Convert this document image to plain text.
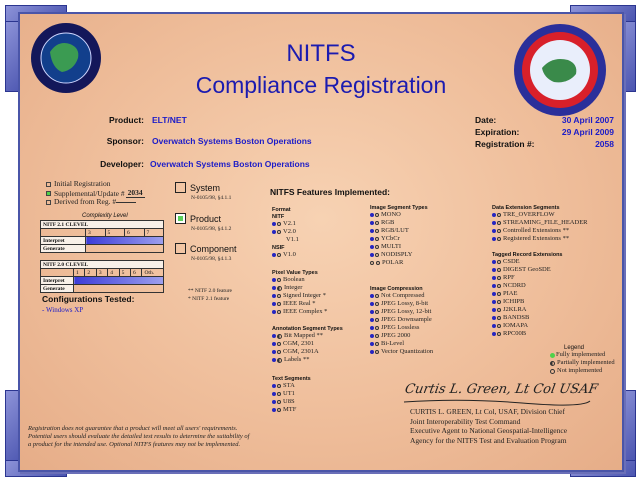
NITFS
Compliance Registration
Product: ELT/NET
Sponsor: Overwatch Systems Boston Operations
Developer: Overwatch Systems Boston Operations
Date:	30 April 2007
Expiration:	29 April 2009
Registration #:	2058
Initial Registration
Supplemental/Update # 2034
Derived from Reg. #
Complexity Level
NITF 2.1 CLEVEL				
	3	5	6	7
Interpret				
Generate				
NITF 2.0 CLEVEL							
	1	2	3	4	5	6	Oth.
Interpret							
Generate							
System
N-0105/98, §4.1.1
Product
N-0105/98, §4.1.2
Component
N-0105/98, §4.1.3
** NITF 2.0 feature
* NITF 2.1 feature
Configurations Tested:
- Windows XP
NITFS Features Implemented:
Format
NITF
V2.1
V2.0
V1.1
NSIF
V1.0
Pixel Value Types
Boolean
Integer
Signed Integer *
IEEE Real *
IEEE Complex *
Annotation Segment Types
Bit Mapped **
CGM, 2301
CGM, 2301A
Labels **
Text Segments
STA
UT1
U8S
MTF
Image Segment Types
MONO
RGB
RGB/LUT
YCbCr
MULTI
NODISPLY
POLAR
Image Compression
Not Compressed
JPEG Lossy, 8-bit
JPEG Lossy, 12-bit
JPEG Downsample
JPEG Lossless
JPEG 2000
Bi-Level
Vector Quantization
Data Extension Segments
TRE_OVERFLOW
STREAMING_FILE_HEADER
Controlled Extensions **
Registered Extensions **
Tagged Record Extensions
CSDE
DIGEST GeoSDE
RPF
NCDRD
PIAE
ICHIPB
J2KLRA
BANDSB
IOMAPA
RPC00B
Legend
Fully implemented
Partially implemented
Not implemented
Curtis L. Green, Lt Col USAF
CURTIS L. GREEN, Lt Col, USAF, Division Chief
Joint Interoperability Test Command
Executive Agent to National Geospatial-Intelligence
Agency for the NITFS Test and Evaluation Program
Registration does not guarantee that a product will meet all users' requirements.
Potential users should evaluate the detailed test results to determine the suitability of
a product for the intended use. Optional NITFS features may not be implemented.
